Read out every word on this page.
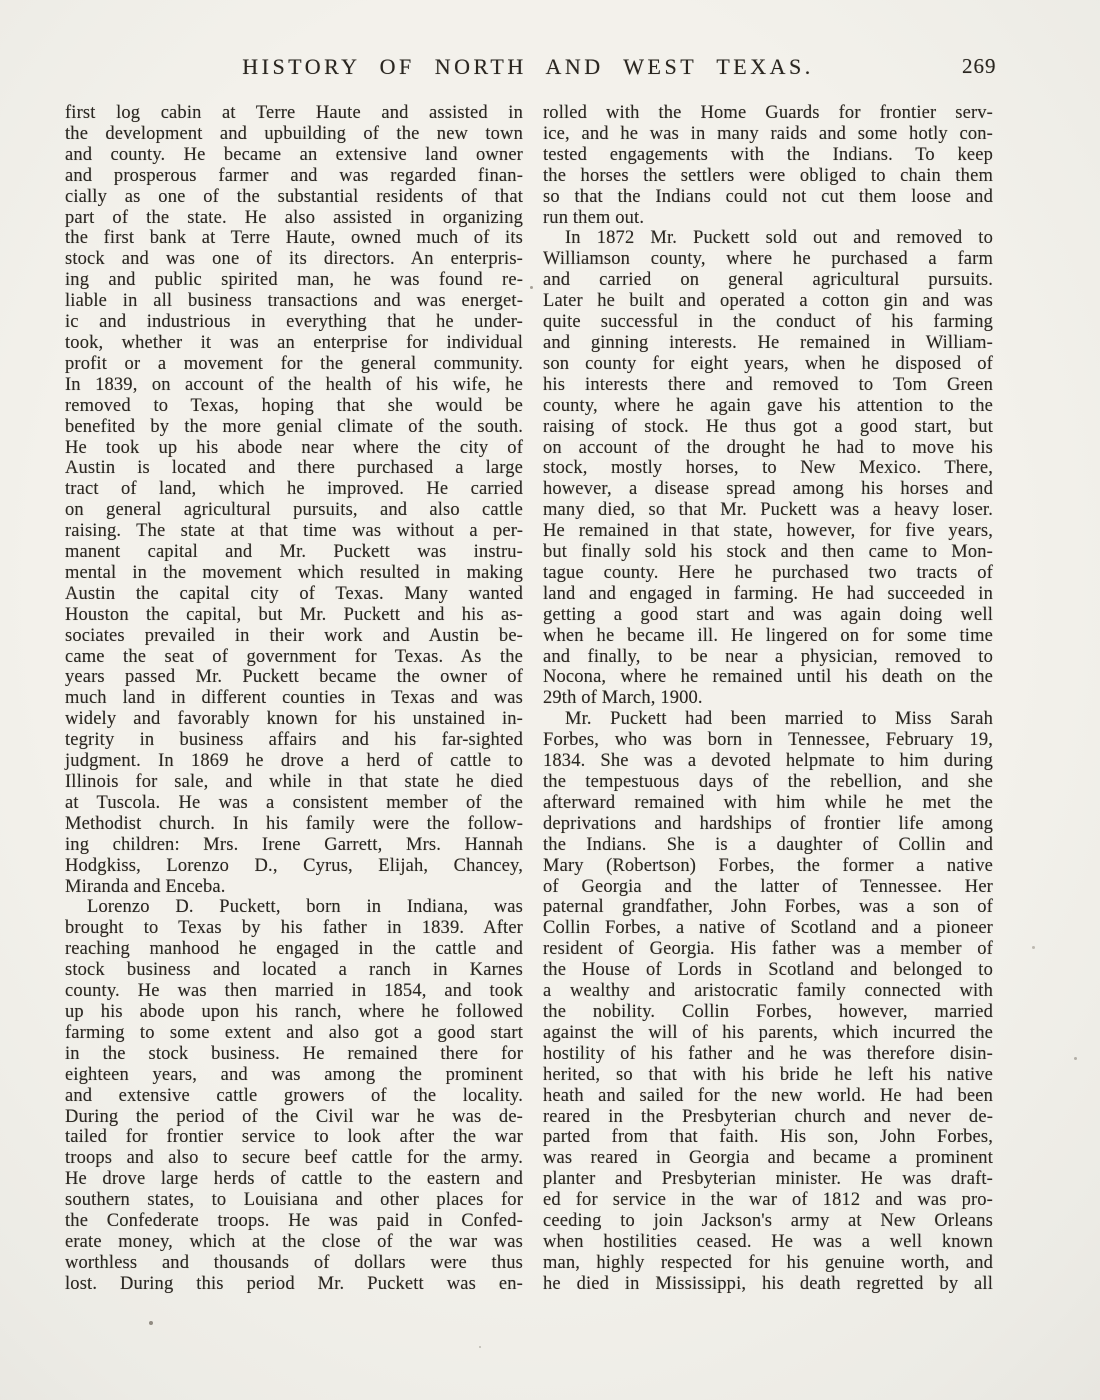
HISTORY OF NORTH AND WEST TEXAS.	269
first log cabin at Terre Haute and assisted in
the development and upbuilding of the new town
and county. He became an extensive land owner
and prosperous farmer and was regarded finan-
cially as one of the substantial residents of that
part of the state. He also assisted in organizing
the first bank at Terre Haute, owned much of its
stock and was one of its directors. An enterpris-
ing and public spirited man, he was found re-
liable in all business transactions and was energet-
ic and industrious in everything that he under-
took, whether it was an enterprise for individual
profit or a movement for the general community.
In 1839, on account of the health of his wife, he
removed to Texas, hoping that she would be
benefited by the more genial climate of the south.
He took up his abode near where the city of
Austin is located and there purchased a large
tract of land, which he improved. He carried
on general agricultural pursuits, and also cattle
raising. The state at that time was without a per-
manent capital and Mr. Puckett was instru-
mental in the movement which resulted in making
Austin the capital city of Texas. Many wanted
Houston the capital, but Mr. Puckett and his as-
sociates prevailed in their work and Austin be-
came the seat of government for Texas. As the
years passed Mr. Puckett became the owner of
much land in different counties in Texas and was
widely and favorably known for his unstained in-
tegrity in business affairs and his far-sighted
judgment. In 1869 he drove a herd of cattle to
Illinois for sale, and while in that state he died
at Tuscola. He was a consistent member of the
Methodist church. In his family were the follow-
ing children: Mrs. Irene Garrett, Mrs. Hannah
Hodgkiss, Lorenzo D., Cyrus, Elijah, Chancey,
Miranda and Enceba.
Lorenzo D. Puckett, born in Indiana, was
brought to Texas by his father in 1839. After
reaching manhood he engaged in the cattle and
stock business and located a ranch in Karnes
county. He was then married in 1854, and took
up his abode upon his ranch, where he followed
farming to some extent and also got a good start
in the stock business. He remained there for
eighteen years, and was among the prominent
and extensive cattle growers of the locality.
During the period of the Civil war he was de-
tailed for frontier service to look after the war
troops and also to secure beef cattle for the army.
He drove large herds of cattle to the eastern and
southern states, to Louisiana and other places for
the Confederate troops. He was paid in Confed-
erate money, which at the close of the war was
worthless and thousands of dollars were thus
lost. During this period Mr. Puckett was en-
rolled with the Home Guards for frontier serv-
ice, and he was in many raids and some hotly con-
tested engagements with the Indians. To keep
the horses the settlers were obliged to chain them
so that the Indians could not cut them loose and
run them out.
In 1872 Mr. Puckett sold out and removed to
Williamson county, where he purchased a farm
and carried on general agricultural pursuits.
Later he built and operated a cotton gin and was
quite successful in the conduct of his farming
and ginning interests. He remained in William-
son county for eight years, when he disposed of
his interests there and removed to Tom Green
county, where he again gave his attention to the
raising of stock. He thus got a good start, but
on account of the drought he had to move his
stock, mostly horses, to New Mexico. There,
however, a disease spread among his horses and
many died, so that Mr. Puckett was a heavy loser.
He remained in that state, however, for five years,
but finally sold his stock and then came to Mon-
tague county. Here he purchased two tracts of
land and engaged in farming. He had succeeded in
getting a good start and was again doing well
when he became ill. He lingered on for some time
and finally, to be near a physician, removed to
Nocona, where he remained until his death on the
29th of March, 1900.
Mr. Puckett had been married to Miss Sarah
Forbes, who was born in Tennessee, February 19,
1834. She was a devoted helpmate to him during
the tempestuous days of the rebellion, and she
afterward remained with him while he met the
deprivations and hardships of frontier life among
the Indians. She is a daughter of Collin and
Mary (Robertson) Forbes, the former a native
of Georgia and the latter of Tennessee. Her
paternal grandfather, John Forbes, was a son of
Collin Forbes, a native of Scotland and a pioneer
resident of Georgia. His father was a member of
the House of Lords in Scotland and belonged to
a wealthy and aristocratic family connected with
the nobility. Collin Forbes, however, married
against the will of his parents, which incurred the
hostility of his father and he was therefore disin-
herited, so that with his bride he left his native
heath and sailed for the new world. He had been
reared in the Presbyterian church and never de-
parted from that faith. His son, John Forbes,
was reared in Georgia and became a prominent
planter and Presbyterian minister. He was draft-
ed for service in the war of 1812 and was pro-
ceeding to join Jackson's army at New Orleans
when hostilities ceased. He was a well known
man, highly respected for his genuine worth, and
he died in Mississippi, his death regretted by all
